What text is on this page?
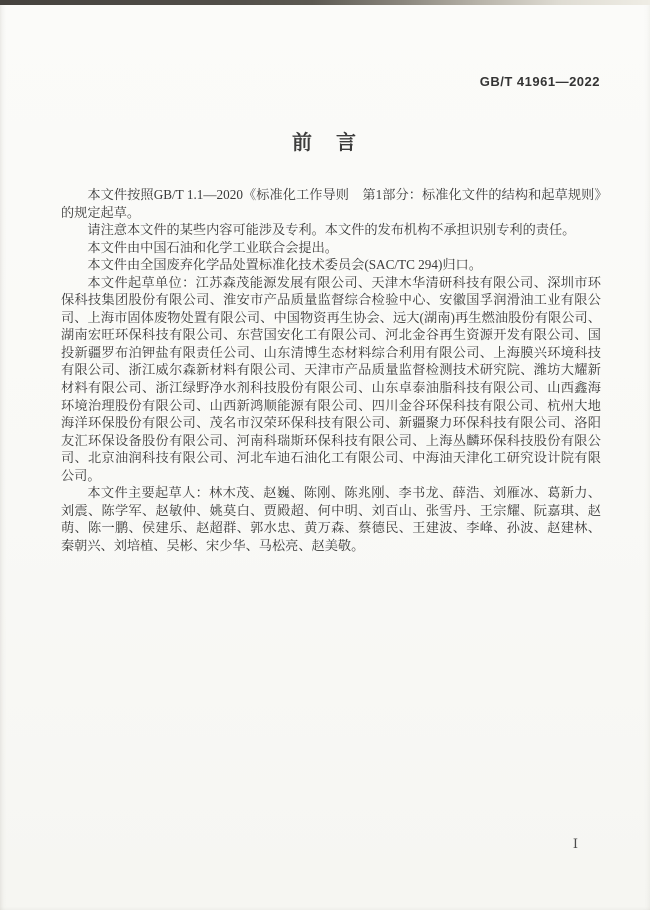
GB/T 41961—2022
前　言

本文件按照GB/T 1.1—2020《标准化工作导则　第1部分：标准化文件的结构和起草规则》的规定起草。

请注意本文件的某些内容可能涉及专利。本文件的发布机构不承担识别专利的责任。

本文件由中国石油和化学工业联合会提出。

本文件由全国废弃化学品处置标准化技术委员会(SAC/TC 294)归口。

本文件起草单位：江苏森茂能源发展有限公司、天津木华清研科技有限公司、深圳市环保科技集团股份有限公司、淮安市产品质量监督综合检验中心、安徽国孚润滑油工业有限公司、上海市固体废物处置有限公司、中国物资再生协会、远大(湖南)再生燃油股份有限公司、湖南宏旺环保科技有限公司、东营国安化工有限公司、河北金谷再生资源开发有限公司、国投新疆罗布泊钾盐有限责任公司、山东清博生态材料综合利用有限公司、上海膜兴环境科技有限公司、浙江威尔森新材料有限公司、天津市产品质量监督检测技术研究院、潍坊大耀新材料有限公司、浙江绿野净水剂科技股份有限公司、山东卓泰油脂科技有限公司、山西鑫海环境治理股份有限公司、山西新鸿顺能源有限公司、四川金谷环保科技有限公司、杭州大地海洋环保股份有限公司、茂名市汉荣环保科技有限公司、新疆聚力环保科技有限公司、洛阳友汇环保设备股份有限公司、河南科瑞斯环保科技有限公司、上海丛麟环保科技股份有限公司、北京油润科技有限公司、河北车迪石油化工有限公司、中海油天津化工研究设计院有限公司。

本文件主要起草人：林木茂、赵巍、陈刚、陈兆刚、李书龙、薛浩、刘雁冰、葛新力、刘震、陈学军、赵敏仲、姚莫白、贾殿超、何中明、刘百山、张雪丹、王宗耀、阮嘉琪、赵萌、陈一鹏、侯建乐、赵超群、郭水忠、黄万森、蔡德民、王建波、李峰、孙波、赵建林、秦朝兴、刘培植、吴彬、宋少华、马松亮、赵美敬。

Ⅰ
